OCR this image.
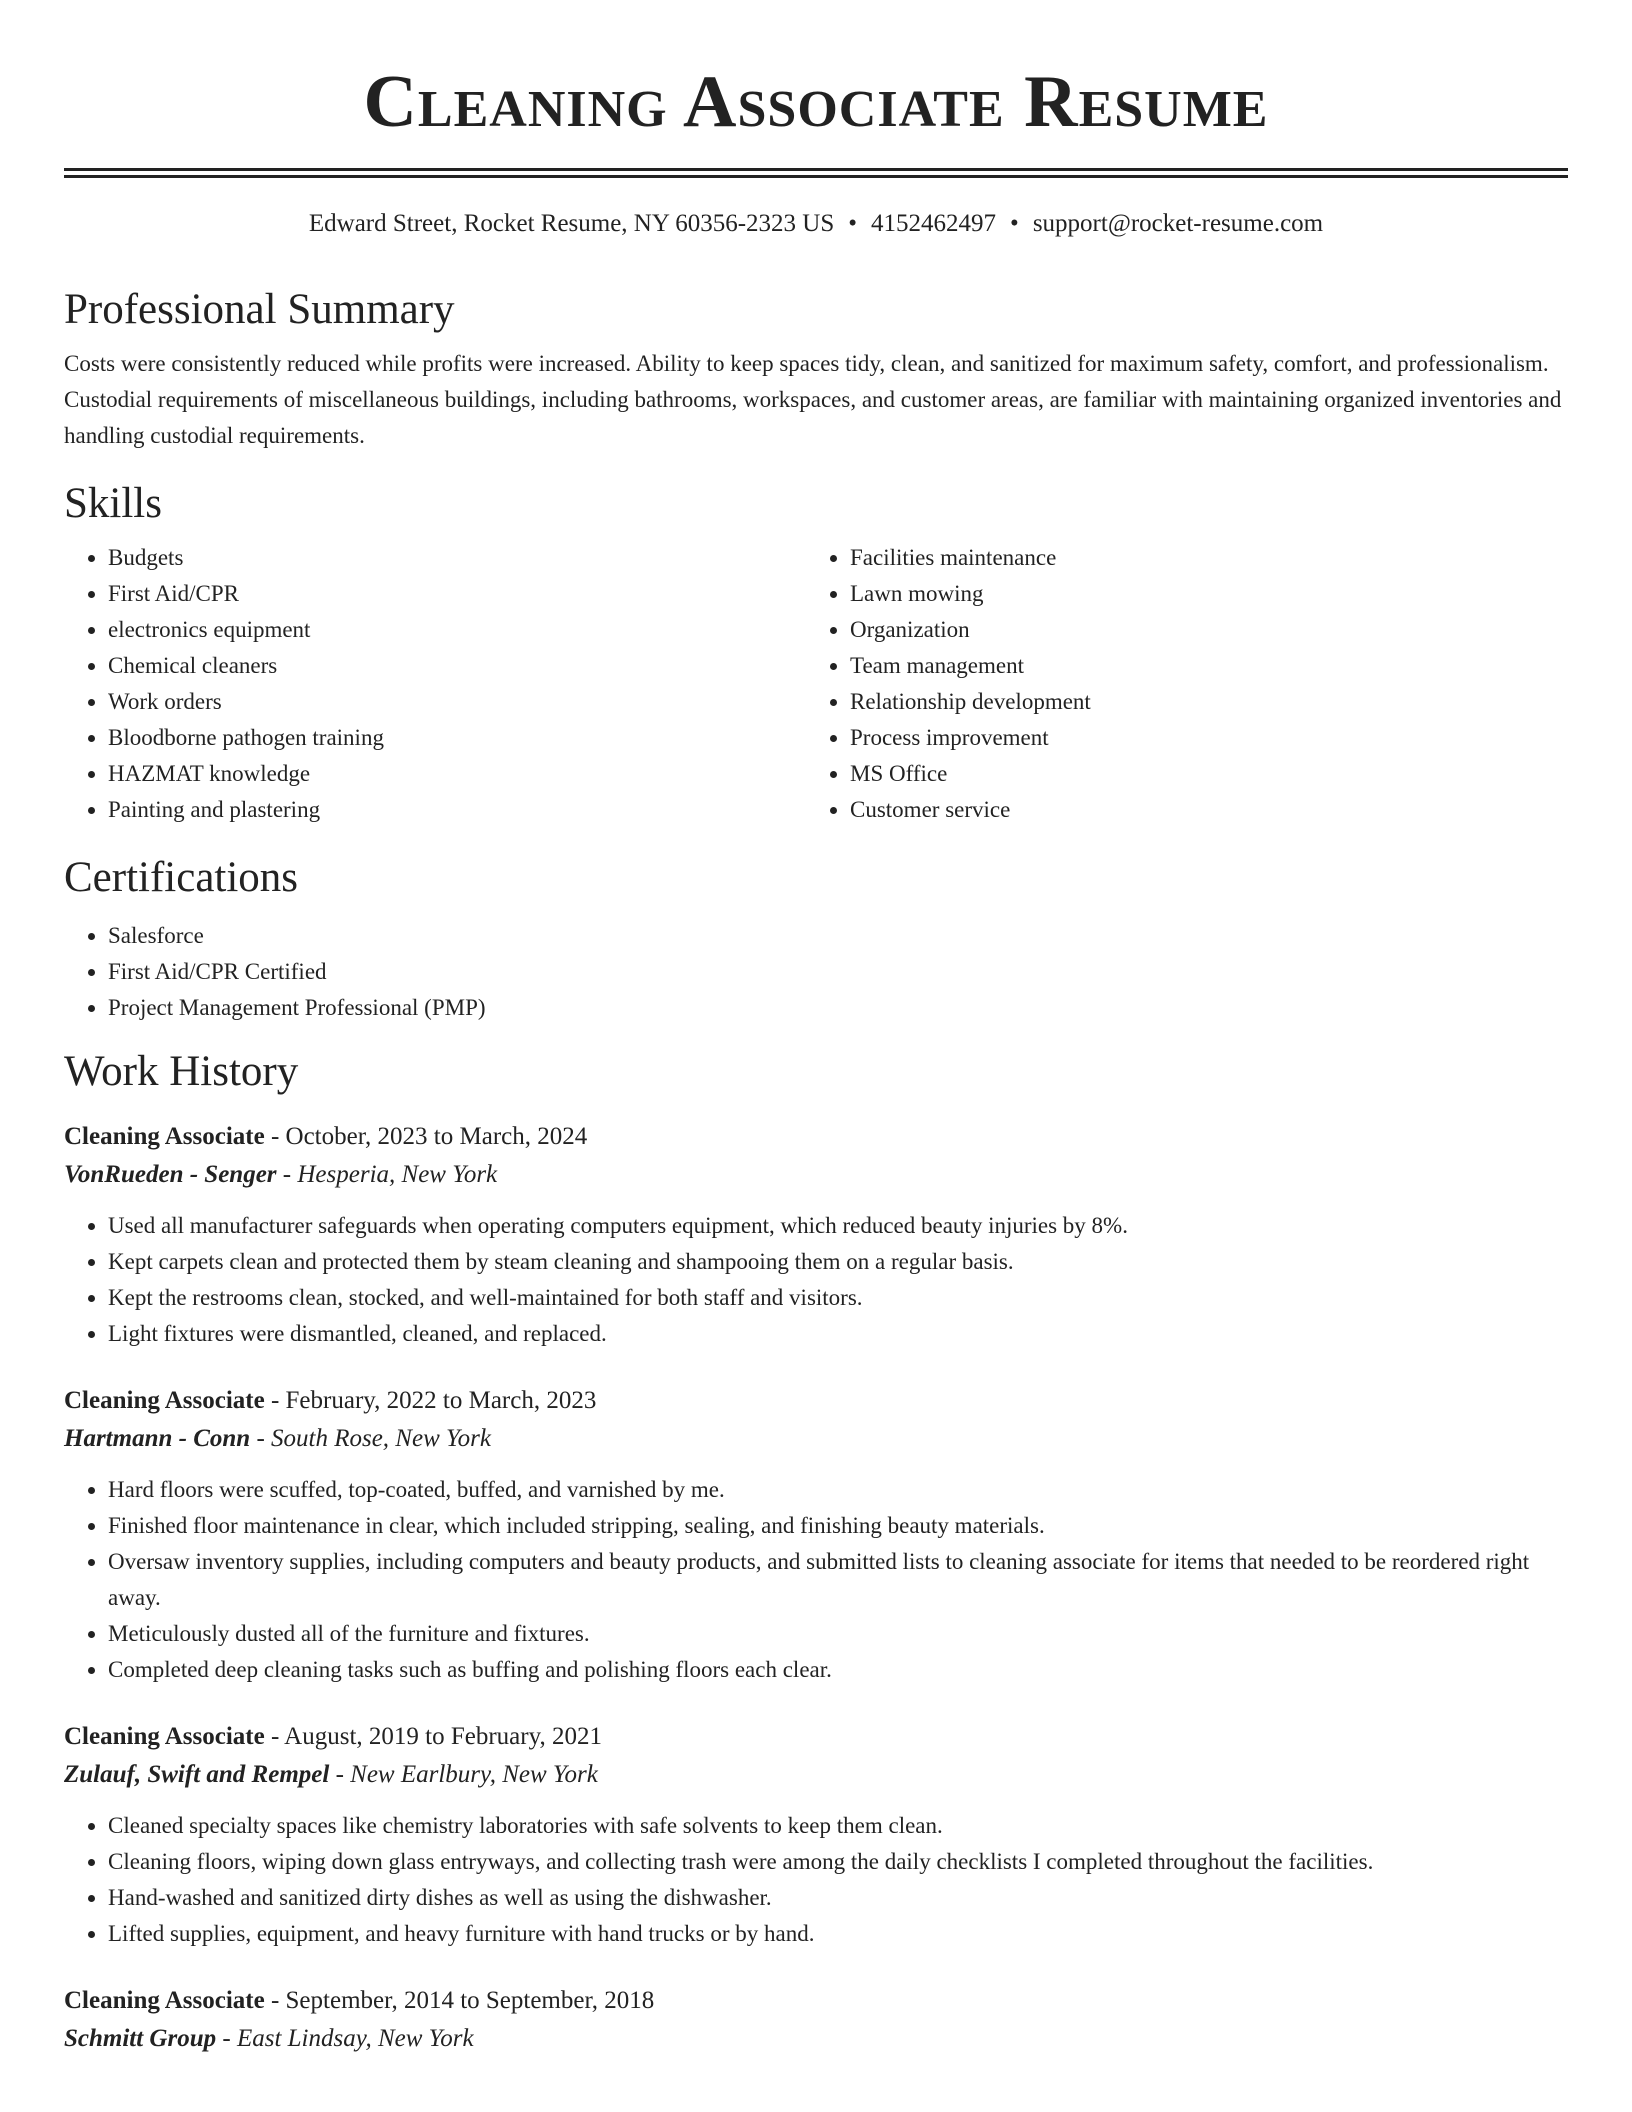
Cleaning Associate Resume
Edward Street, Rocket Resume, NY 60356-2323 US • 4152462497 • support@rocket-resume.com
Professional Summary

Costs were consistently reduced while profits were increased. Ability to keep spaces tidy, clean, and sanitized for maximum safety, comfort, and professionalism. Custodial requirements of miscellaneous buildings, including bathrooms, workspaces, and customer areas, are familiar with maintaining organized inventories and handling custodial requirements.

Skills
• Budgets
• First Aid/CPR
• electronics equipment
• Chemical cleaners
• Work orders
• Bloodborne pathogen training
• HAZMAT knowledge
• Painting and plastering
• Facilities maintenance
• Lawn mowing
• Organization
• Team management
• Relationship development
• Process improvement
• MS Office
• Customer service
Certifications
• Salesforce
• First Aid/CPR Certified
• Project Management Professional (PMP)
Work History
Cleaning Associate - October, 2023 to March, 2024
VonRueden - Senger - Hesperia, New York
• Used all manufacturer safeguards when operating computers equipment, which reduced beauty injuries by 8%.
• Kept carpets clean and protected them by steam cleaning and shampooing them on a regular basis.
• Kept the restrooms clean, stocked, and well-maintained for both staff and visitors.
• Light fixtures were dismantled, cleaned, and replaced.
Cleaning Associate - February, 2022 to March, 2023
Hartmann - Conn - South Rose, New York
• Hard floors were scuffed, top-coated, buffed, and varnished by me.
• Finished floor maintenance in clear, which included stripping, sealing, and finishing beauty materials.
• Oversaw inventory supplies, including computers and beauty products, and submitted lists to cleaning associate for items that needed to be reordered right away.
• Meticulously dusted all of the furniture and fixtures.
• Completed deep cleaning tasks such as buffing and polishing floors each clear.
Cleaning Associate - August, 2019 to February, 2021
Zulauf, Swift and Rempel - New Earlbury, New York
• Cleaned specialty spaces like chemistry laboratories with safe solvents to keep them clean.
• Cleaning floors, wiping down glass entryways, and collecting trash were among the daily checklists I completed throughout the facilities.
• Hand-washed and sanitized dirty dishes as well as using the dishwasher.
• Lifted supplies, equipment, and heavy furniture with hand trucks or by hand.
Cleaning Associate - September, 2014 to September, 2018
Schmitt Group - East Lindsay, New York
